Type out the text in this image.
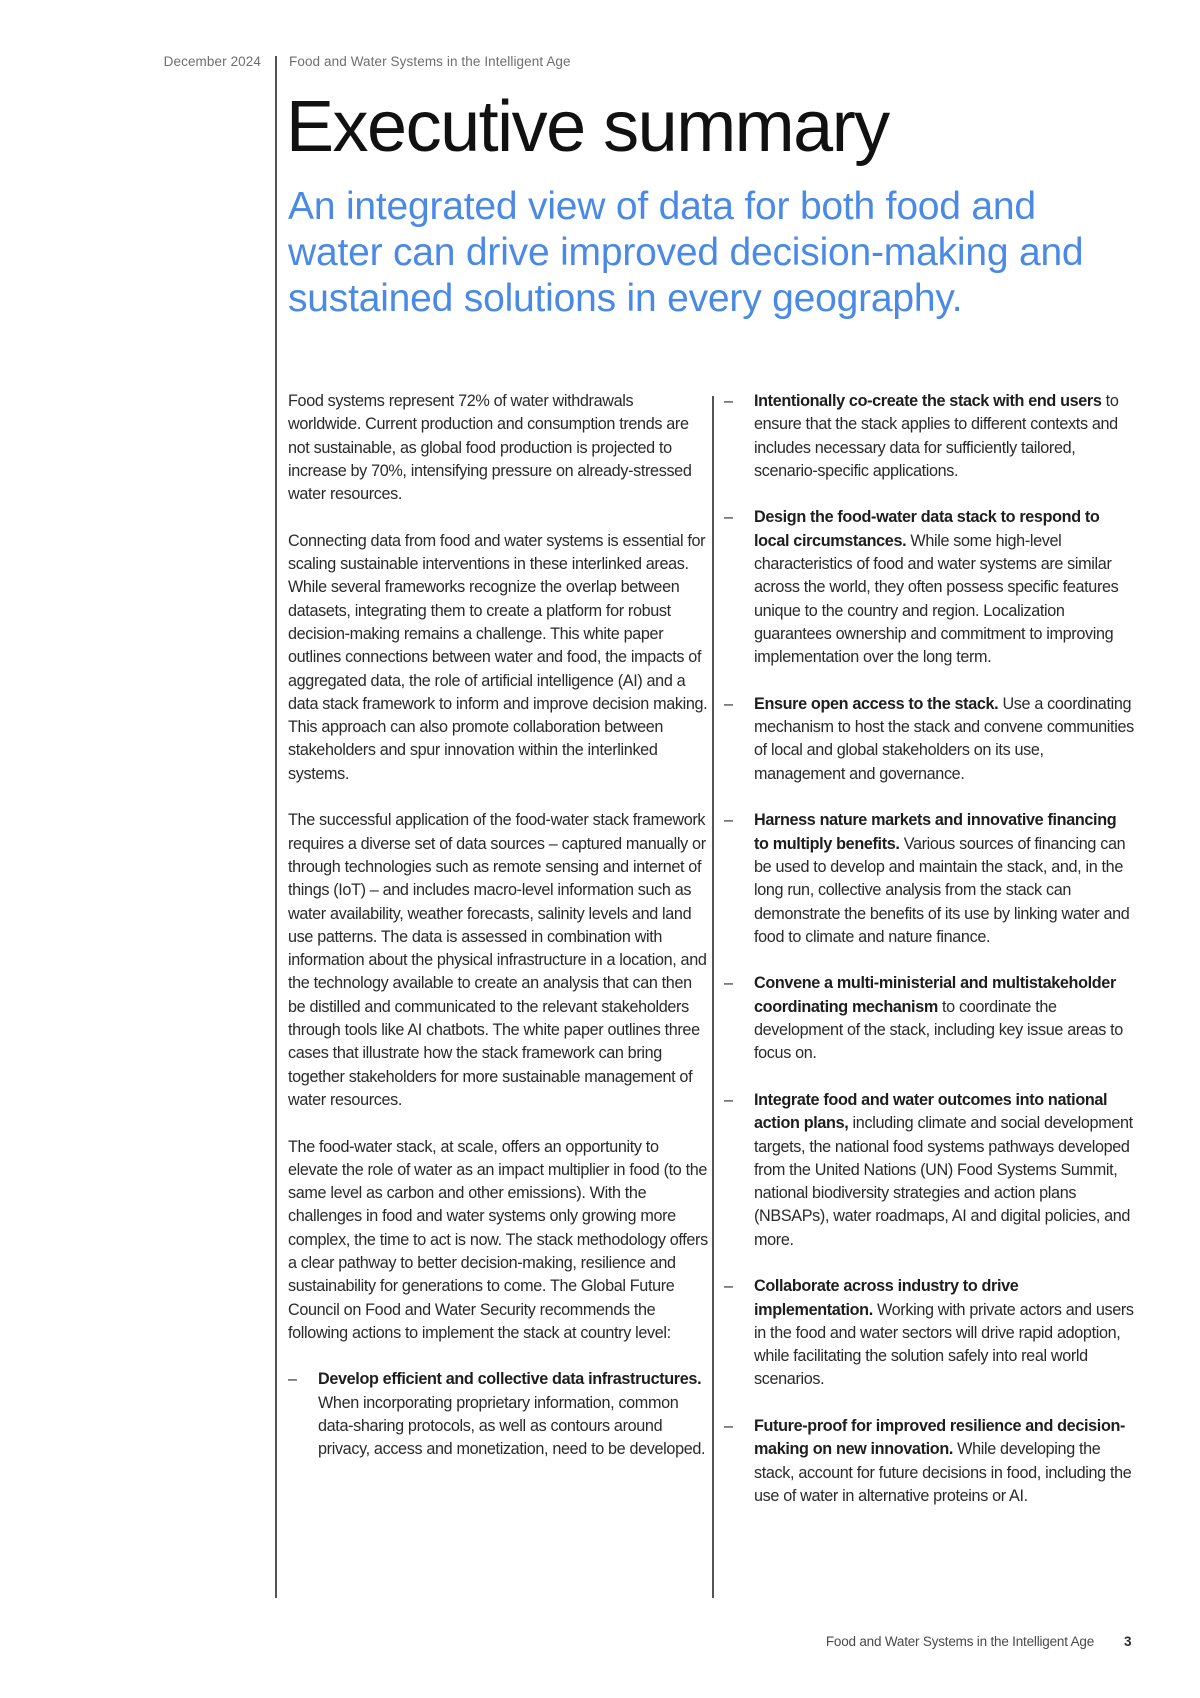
December 2024 Food and Water Systems in the Intelligent Age
Executive summary
An integrated view of data for both food and water can drive improved decision-making and sustained solutions in every geography.

Food systems represent 72% of water withdrawals worldwide. Current production and consumption trends are not sustainable, as global food production is projected to increase by 70%, intensifying pressure on already-stressed water resources.

Connecting data from food and water systems is essential for scaling sustainable interventions in these interlinked areas. While several frameworks recognize the overlap between datasets, integrating them to create a platform for robust decision-making remains a challenge. This white paper outlines connections between water and food, the impacts of aggregated data, the role of artificial intelligence (AI) and a data stack framework to inform and improve decision making. This approach can also promote collaboration between stakeholders and spur innovation within the interlinked systems.

The successful application of the food-water stack framework requires a diverse set of data sources – captured manually or through technologies such as remote sensing and internet of things (IoT) – and includes macro-level information such as water availability, weather forecasts, salinity levels and land use patterns. The data is assessed in combination with information about the physical infrastructure in a location, and the technology available to create an analysis that can then be distilled and communicated to the relevant stakeholders through tools like AI chatbots. The white paper outlines three cases that illustrate how the stack framework can bring together stakeholders for more sustainable management of water resources.

The food-water stack, at scale, offers an opportunity to elevate the role of water as an impact multiplier in food (to the same level as carbon and other emissions). With the challenges in food and water systems only growing more complex, the time to act is now. The stack methodology offers a clear pathway to better decision-making, resilience and sustainability for generations to come. The Global Future Council on Food and Water Security recommends the following actions to implement the stack at country level:

– Develop efficient and collective data infrastructures. When incorporating proprietary information, common data-sharing protocols, as well as contours around privacy, access and monetization, need to be developed.
– Intentionally co-create the stack with end users to ensure that the stack applies to different contexts and includes necessary data for sufficiently tailored, scenario-specific applications.
– Design the food-water data stack to respond to local circumstances. While some high-level characteristics of food and water systems are similar across the world, they often possess specific features unique to the country and region. Localization guarantees ownership and commitment to improving implementation over the long term.
– Ensure open access to the stack. Use a coordinating mechanism to host the stack and convene communities of local and global stakeholders on its use, management and governance.
– Harness nature markets and innovative financing to multiply benefits. Various sources of financing can be used to develop and maintain the stack, and, in the long run, collective analysis from the stack can demonstrate the benefits of its use by linking water and food to climate and nature finance.
– Convene a multi-ministerial and multistakeholder coordinating mechanism to coordinate the development of the stack, including key issue areas to focus on.
– Integrate food and water outcomes into national action plans, including climate and social development targets, the national food systems pathways developed from the United Nations (UN) Food Systems Summit, national biodiversity strategies and action plans (NBSAPs), water roadmaps, AI and digital policies, and more.
– Collaborate across industry to drive implementation. Working with private actors and users in the food and water sectors will drive rapid adoption, while facilitating the solution safely into real world scenarios.
– Future-proof for improved resilience and decision-making on new innovation. While developing the stack, account for future decisions in food, including the use of water in alternative proteins or AI.
Food and Water Systems in the Intelligent Age 3
